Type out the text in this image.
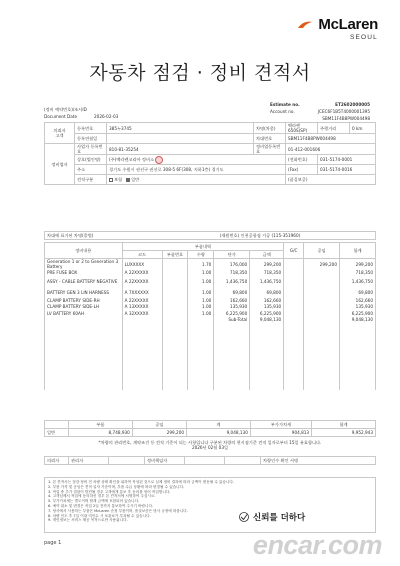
McLaren
SEOUL
자동차 점검 · 정비 견적서
(정비 예약번호)/조사ID
Document Date	2026-02-03
Estimate no.	ET2602000005
Account no.	JCEC6F1B5T4000001395
SBM11F4B8PW004498
의뢰자
고객	등록번호	385누3745	차명(차종)	맥라렌 650S(SP)	주행거리	0 km
	등록연월일		차대번호	SBM11F4B8PW004498		
정비업자	사업자 등록번호	810-81-35254	정비업등록번호	01-412-001606		
	상호(법인명)	(주)맥라렌코리아 정비소		(전화번호)	031-5174-0001	
	주소	경기도 수원시 권선구 권선로 308-5 6F(308, 지하1층) 경기도		(Fax)	031-5174-0016	
	견적구분	보험 일반		(품질보증)		
차대에 표기된 차명(종별)	(재원번호) 인천공항점 가공 (115-351960)
정비내용	부품내역					G/C	공임	합계
	코드	부품번호	수량	단가	금액			
Generation 1 or 2 to Generation 3 Battery	LUXXXXX		1.70	176,000	299,200		299,200	299,200
PRE FUSE BOX	A 22XXXXX		1.00	718,350	718,350			718,350
ASSY - CABLE BATTERY NEGATIVE	A 22XXXXX		1.00	1,436,750	1,436,750			1,436,750
BATTERY GEN 3 LIN HARNESS	A 7XXXXXX		1.00	69,800	69,800			69,800
CLAMP BATTERY SIDE-RH	A 22XXXXX		1.00	162,660	162,660			162,660
CLAMP BATTERY SIDE-LH	A 13XXXXX		1.00	135,930	135,930			135,930
LV BATTERY 60AH	A 32XXXXX		1.00	6,225,900	6,225,900			6,225,900
				Sub-Total	9,048,130			9,048,130

	부품	공임	계	부가가치세	합계
일반	8,748,930	299,200	9,048,130	904,813	9,952,943
*차량의 관리번호, 계약조건 등 견적 기준이 되는 사항입니다 구분된 차량의 현시점기준 견적 일자로부터 15일 유효합니다.
2026년 02월 03일
의뢰자	관리자		정비책임자			차량인수 확인 서명
1. 본 견적서는 점검·정비 전 차량 상태 확인을 위하여 작성된 것으로 실제 정비 결과에 따라 금액이 변동될 수 있습니다.
2. 부품 가격 및 공임은 견적 일자 기준이며, 부품 수급 상황에 따라 변경될 수 있습니다.
3. 작업 중 추가 결함이 발견될 경우 고객에게 통보 후 동의를 얻어 작업합니다.
4. 고객님께서 작업에 동의하신 경우 본 견적서에 서명하여 주십시오.
5. 부가가치세는 별도이며 합계 금액에 포함되어 있습니다.
6. 예약 취소 및 변경은 작업 2일 전까지 통보하여 주시기 바랍니다.
7. 당사에서 사용하는 부품은 McLaren 순정 부품이며, 품질보증은 당사 규정에 따릅니다.
8. 차량 인도 후 7일 이내 미인수 시 보관료가 부과될 수 있습니다.
9. 개인정보는 서비스 제공 목적으로만 사용됩니다.	신뢰를 더하다
page 1	encar.com
